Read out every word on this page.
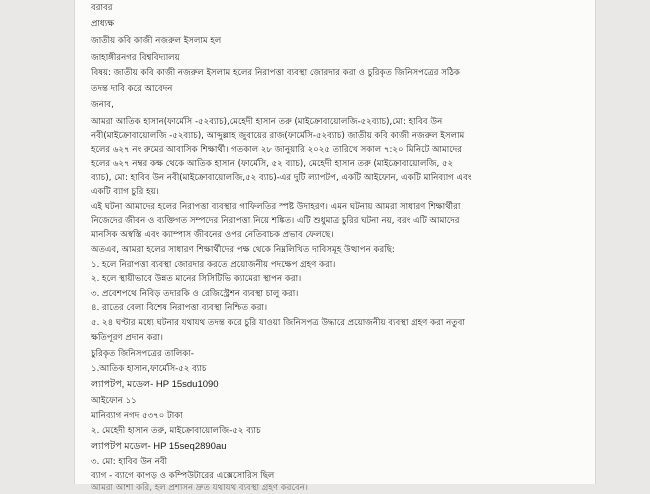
বরাবর
প্রাধ্যক্ষ
জাতীয় কবি কাজী নজরুল ইসলাম হল
জাহাঙ্গীরনগর বিশ্ববিদ্যালয়
বিষয়: জাতীয় কবি কাজী নজরুল ইসলাম হলের নিরাপত্তা ব্যবস্থা জোরদার করা ও চুরিকৃত জিনিসপত্রের সঠিক
তদন্ত দাবি করে আবেদন
জনাব,
আমরা আতিক হাসান(ফার্মেসি -৫২ব্যাচ),মেহেদী হাসান তরু (মাইক্রোবায়োলজি-৫২ব্যাচ),মো: হাবিব উন
নবী(মাইক্রোবায়োলজি -৫২ব্যাচ), আব্দুল্লাহ জুবায়ের রাজ(ফার্মেসি-৫২ব্যাচ) জাতীয় কবি কাজী নজরুল ইসলাম
হলের ৬২৭ নং রুমের আবাসিক শিক্ষার্থী। গতকাল ২৮ জানুয়ারি ২০২৫ তারিখে সকাল ৭:২০ মিনিটে আমাদের
হলের ৬২৭ নম্বর কক্ষ থেকে আতিক হাসান (ফার্মেসি, ৫২ ব্যাচ), মেহেদী হাসান তরু (মাইক্রোবায়োলজি, ৫২
ব্যাচ), মো: হাবিব উন নবী(মাইক্রোবায়োলজি,৫২ ব্যাচ)-এর দুটি ল্যাপটপ, একটি আইফোন, একটি মানিব্যাগ এবং
একটি ব্যাগ চুরি হয়।
এই ঘটনা আমাদের হলের নিরাপত্তা ব্যবস্থার গাফিলতির স্পষ্ট উদাহরণ। এমন ঘটনায় আমরা সাধারণ শিক্ষার্থীরা
নিজেদের জীবন ও ব্যক্তিগত সম্পদের নিরাপত্তা নিয়ে শঙ্কিত। এটি শুধুমাত্র চুরির ঘটনা নয়, বরং এটি আমাদের
মানসিক অস্বস্তি এবং ক্যাম্পাস জীবনের ওপর নেতিবাচক প্রভাব ফেলছে।
অতএব, আমরা হলের সাধারণ শিক্ষার্থীদের পক্ষ থেকে নিম্নলিখিত দাবিসমূহ উত্থাপন করছি:
১. হলে নিরাপত্তা ব্যবস্থা জোরদার করতে প্রয়োজনীয় পদক্ষেপ গ্রহণ করা।
২. হলে স্থায়ীভাবে উন্নত মানের সিসিটিভি ক্যামেরা স্থাপন করা।
৩. প্রবেশপথে নিবিড় তদারকি ও রেজিস্ট্রেশন ব্যবস্থা চালু করা।
৪. রাতের বেলা বিশেষ নিরাপত্তা ব্যবস্থা নিশ্চিত করা।
৫. ২৪ ঘণ্টার মধ্যে ঘটনার যথাযথ তদন্ত করে চুরি যাওয়া জিনিসপত্র উদ্ধারে প্রয়োজনীয় ব্যবস্থা গ্রহণ করা নতুবা
ক্ষতিপূরণ প্রদান করা।
চুরিকৃত জিনিসপত্রের তালিকা-
১.আতিক হাসান,ফার্মেসি-৫২ ব্যাচ
ল্যাপটপ, মডেল- HP 15sdu1090
আইফোন ১১
মানিব্যাগ নগদ ৫৩৭০ টাকা
২. মেহেদী হাসান তরু, মাইক্রোবায়োলজি-৫২ ব্যাচ
ল্যাপটপ মডেল- HP 15seq2890au
৩. মো: হাবিব উন নবী
ব্যাগ - ব্যাগে কাপড় ও কম্পিউটারের এক্সেসোরিস ছিল
আমরা আশা করি, হল প্রশাসন দ্রুত যথাযথ ব্যবস্থা গ্রহণ করবেন।
